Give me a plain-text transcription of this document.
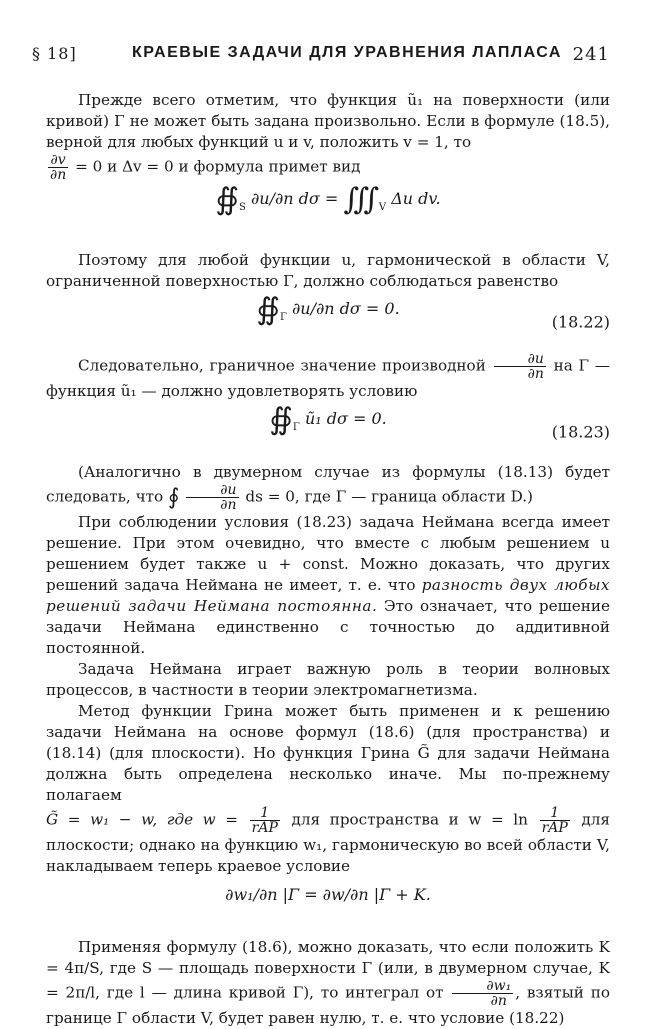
§ 18]	КРАЕВЫЕ ЗАДАЧИ ДЛЯ УРАВНЕНИЯ ЛАПЛАСА 241

Прежде всего отметим, что функция ũ₁ на поверхности (или кривой) Γ не может быть задана произвольно. Если в формуле (18.5), верной для любых функций u и v, положить v = 1, то

$\frac{\partial v}{\partial n} = 0$ и Δv = 0 и формула примет вид

$∯_S$ ∂u/∂n $d\sigma = ∭_V$ Δu dv.

Поэтому для любой функции u, гармонической в области V, ограниченной поверхностью Γ, должно соблюдаться равенство

$∯_\Gamma$ ∂u/∂n dσ = 0.
(18.22)

Следовательно, граничное значение производной $\frac{\partial u}{\partial n}$ на Γ — функция ũ₁ — должно удовлетворять условию

$∯_\Gamma$ ũ₁ dσ = 0.
(18.23)

(Аналогично в двумерном случае из формулы (18.13) будет следовать, что ∮ $\frac{\partial u}{\partial n}$ ds = 0, где Γ — граница области D.)

При соблюдении условия (18.23) задача Неймана всегда имеет решение. При этом очевидно, что вместе с любым решением u решением будет также u + const. Можно доказать, что других решений задача Неймана не имеет, т. е. что разность двух любых решений задачи Неймана постоянна. Это означает, что решение задачи Неймана единственно с точностью до аддитивной постоянной.

Задача Неймана играет важную роль в теории волновых процессов, в частности в теории электромагнетизма.

Метод функции Грина может быть применен и к решению задачи Неймана на основе формул (18.6) (для пространства) и (18.14) (для плоскости). Но функция Грина G̃ для задачи Неймана должна быть определена несколько иначе. Мы по-прежнему полагаем

G̃ = w₁ − w, где w =	1
rAP для пространства и w = ln	1
rAP для плоскости; однако на функцию w₁, гармоническую во всей области V, накладываем теперь краевое условие

∂w₁/∂n |Γ = ∂w/∂n |Γ + K.

Применяя формулу (18.6), можно доказать, что если положить K = 4π/S, где S — площадь поверхности Γ (или, в двумерном случае, K = 2π/l, где l — длина кривой Γ), то интеграл от $\frac{\text{∂w₁}}{\partial n}$ , взятый по границе Γ области V, будет равен нулю, т. е. что условие (18.22)
